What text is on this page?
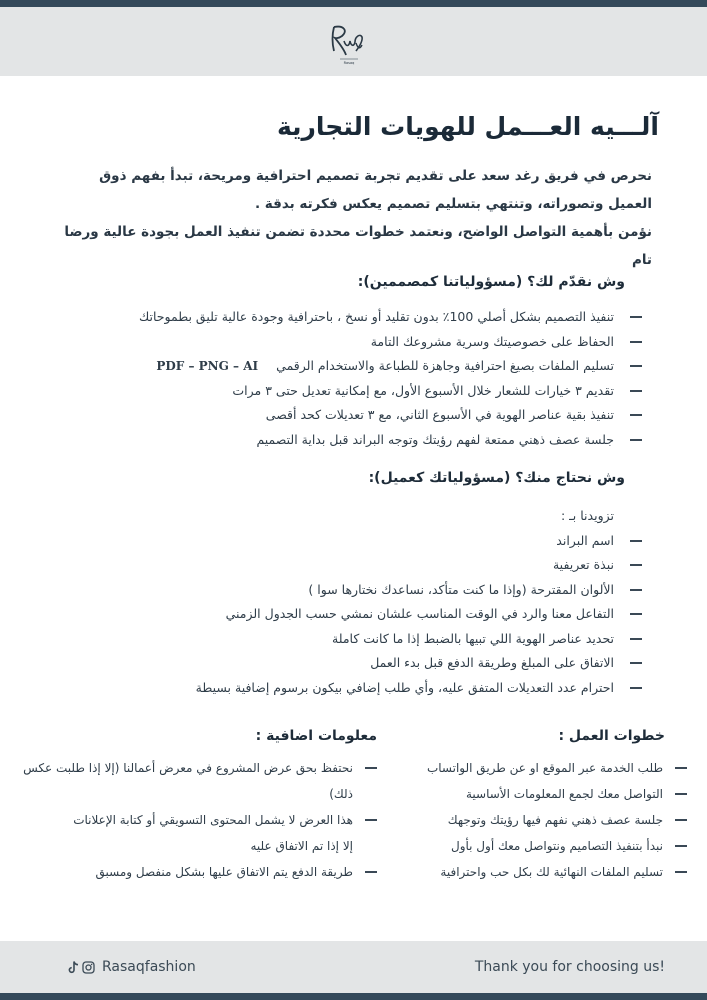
Rasaq
آلـــيه العـــمل للهويات التجارية
نحرص في فريق رغد سعد على تقديم تجربة تصميم احترافية ومريحة، تبدأ بفهم ذوق
العميل وتصوراته، وتنتهي بتسليم تصميم يعكس فكرته بدقة .
نؤمن بأهمية التواصل الواضح، ونعتمد خطوات محددة تضمن تنفيذ العمل بجودة عالية ورضا تام
وش نقدّم لك؟ (مسؤولياتنا كمصممين):
تنفيذ التصميم بشكل أصلي 100٪ بدون تقليد أو نسخ ، باحترافية وجودة عالية تليق بطموحاتك
الحفاظ على خصوصيتك وسرية مشروعك التامة
تسليم الملفات بصيغ احترافية وجاهزة للطباعة والاستخدام الرقميPDF – PNG – AI
تقديم ٣ خيارات للشعار خلال الأسبوع الأول، مع إمكانية تعديل حتى ٣ مرات
تنفيذ بقية عناصر الهوية في الأسبوع الثاني، مع ٣ تعديلات كحد أقصى
جلسة عصف ذهني ممتعة لفهم رؤيتك وتوجه البراند قبل بداية التصميم
وش نحتاج منك؟ (مسؤولياتك كعميل):
تزويدنا بـ :
اسم البراند
نبذة تعريفية
الألوان المقترحة (وإذا ما كنت متأكد، نساعدك نختارها سوا )
التفاعل معنا والرد في الوقت المناسب علشان نمشي حسب الجدول الزمني
تحديد عناصر الهوية اللي تبيها بالضبط إذا ما كانت كاملة
الاتفاق على المبلغ وطريقة الدفع قبل بدء العمل
احترام عدد التعديلات المتفق عليه، وأي طلب إضافي بيكون برسوم إضافية بسيطة
خطوات العمل :
طلب الخدمة عبر الموقع او عن طريق الواتساب
التواصل معك لجمع المعلومات الأساسية
جلسة عصف ذهني نفهم فيها رؤيتك وتوجهك
نبدأ بتنفيذ التصاميم ونتواصل معك أول بأول
تسليم الملفات النهائية لك بكل حب واحترافية
معلومات اضافية :
نحتفظ بحق عرض المشروع في معرض أعمالنا (إلا إذا طلبت عكس
ذلك)
هذا العرض لا يشمل المحتوى التسويقي أو كتابة الإعلانات
إلا إذا تم الاتفاق عليه
طريقة الدفع يتم الاتفاق عليها بشكل منفصل ومسبق
Rasaqfashion	Thank you for choosing us!
